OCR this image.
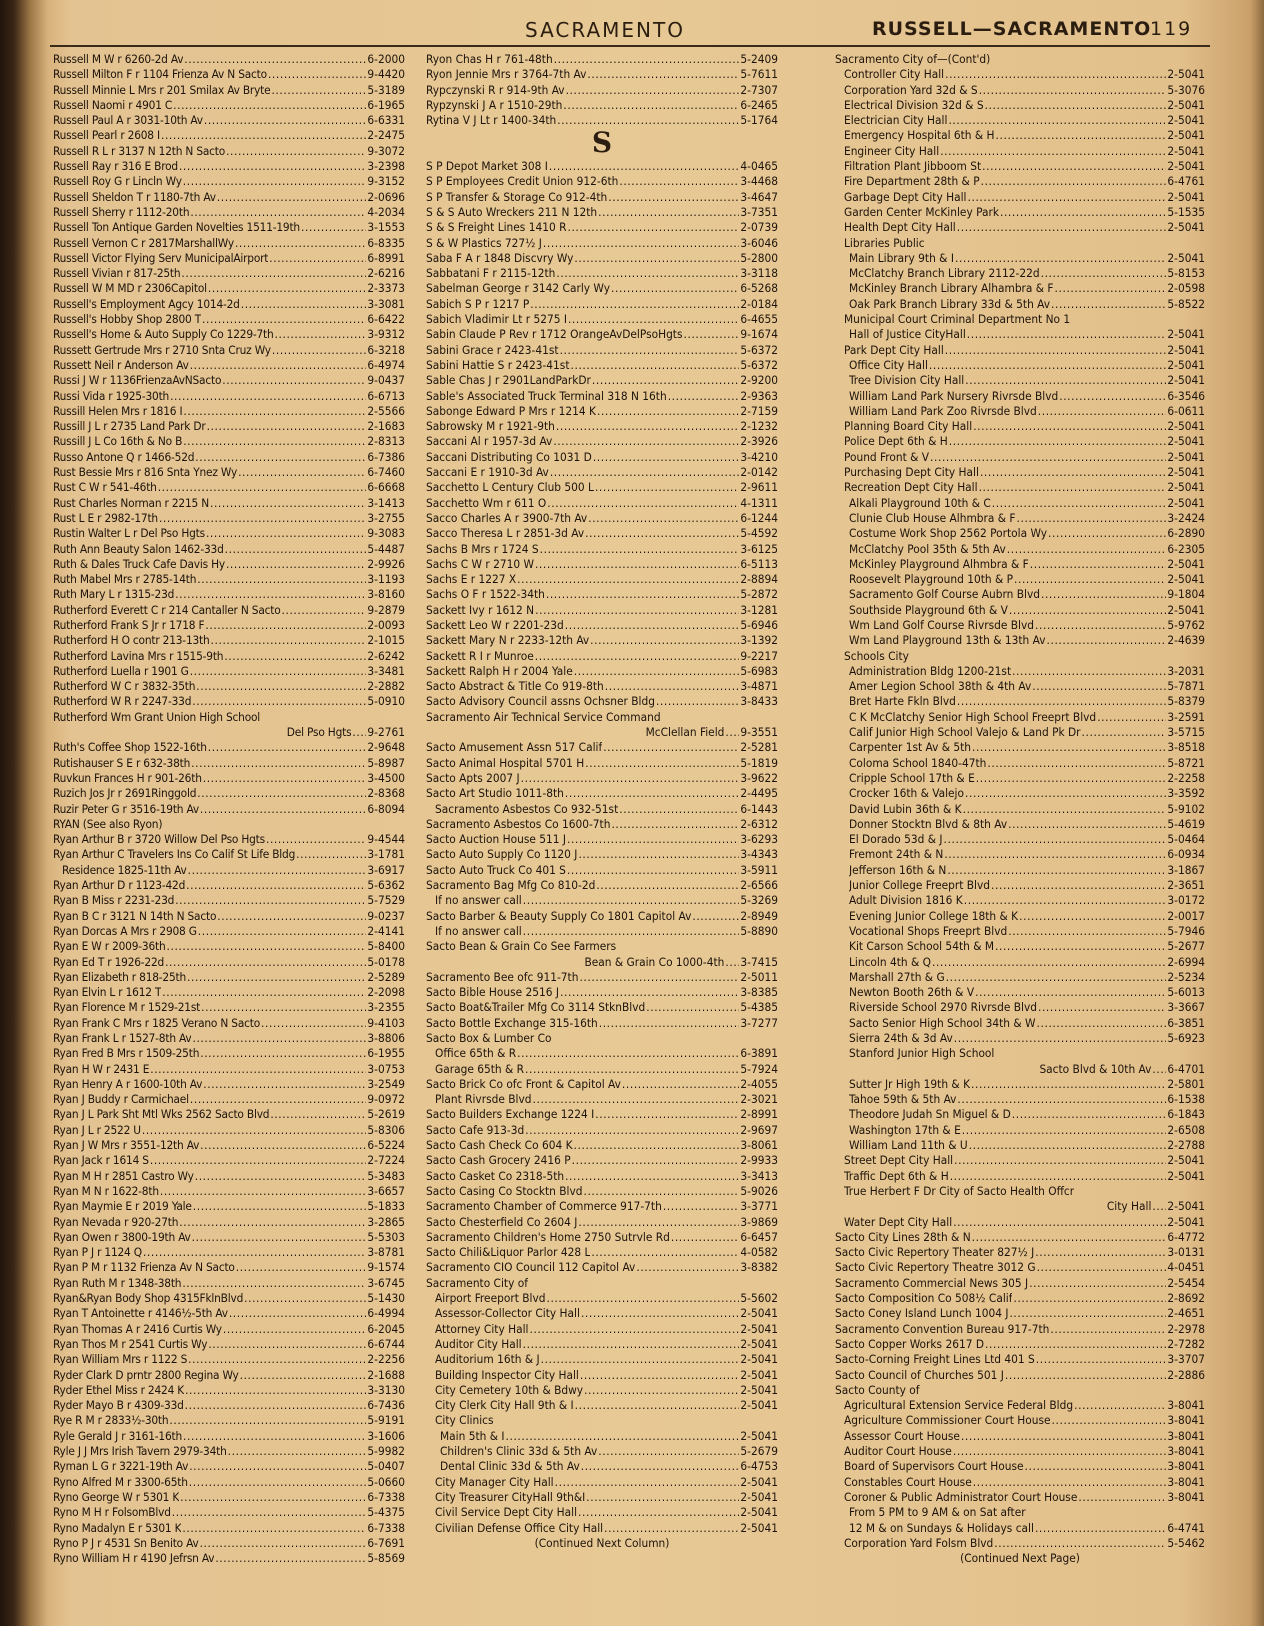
SACRAMENTO	RUSSELL—SACRAMENTO
119
Russell M W r 6260-2d Av .....	6-2000
Russell Milton F r 1104 Frienza Av N Sacto .....	9-4420
Russell Minnie L Mrs r 201 Smilax Av Bryte .....	5-3189
Russell Naomi r 4901 C .....	6-1965
Russell Paul A r 3031-10th Av .....	6-6331
Russell Pearl r 2608 I .....	2-2475
Russell R L r 3137 N 12th N Sacto .....	9-3072
Russell Ray r 316 E Brod .....	3-2398
Russell Roy G r Lincln Wy .....	9-3152
Russell Sheldon T r 1180-7th Av .....	2-0696
Russell Sherry r 1112-20th .....	4-2034
Russell Ton Antique Garden Novelties 1511-19th .....	3-1553
Russell Vernon C r 2817MarshallWy .....	6-8335
Russell Victor Flying Serv MunicipalAirport .....	6-8991
Russell Vivian r 817-25th .....	2-6216
Russell W M MD r 2306Capitol .....	2-3373
Russell's Employment Agcy 1014-2d .....	3-3081
Russell's Hobby Shop 2800 T .....	6-6422
Russell's Home & Auto Supply Co 1229-7th .....	3-9312
Russett Gertrude Mrs r 2710 Snta Cruz Wy .....	6-3218
Russett Neil r Anderson Av .....	6-4974
Russi J W r 1136FrienzaAvNSacto .....	9-0437
Russi Vida r 1925-30th .....	6-6713
Russill Helen Mrs r 1816 I .....	2-5566
Russill J L r 2735 Land Park Dr .....	2-1683
Russill J L Co 16th & No B .....	2-8313
Russo Antone Q r 1466-52d .....	6-7386
Rust Bessie Mrs r 816 Snta Ynez Wy .....	6-7460
Rust C W r 541-46th .....	6-6668
Rust Charles Norman r 2215 N .....	3-1413
Rust L E r 2982-17th .....	3-2755
Rustin Walter L r Del Pso Hgts .....	9-3083
Ruth Ann Beauty Salon 1462-33d .....	5-4487
Ruth & Dales Truck Cafe Davis Hy .....	2-9926
Ruth Mabel Mrs r 2785-14th .....	3-1193
Ruth Mary L r 1315-23d .....	3-8160
Rutherford Everett C r 214 Cantaller N Sacto .....	9-2879
Rutherford Frank S Jr r 1718 F .....	2-0093
Rutherford H O contr 213-13th .....	2-1015
Rutherford Lavina Mrs r 1515-9th .....	2-6242
Rutherford Luella r 1901 G .....	3-3481
Rutherford W C r 3832-35th .....	2-2882
Rutherford W R r 2247-33d .....	5-0910
Rutherford Wm Grant Union High School
Del Pso Hgts ..... 9-2761
Ruth's Coffee Shop 1522-16th .....	2-9648
Rutishauser S E r 632-38th .....	5-8987
Ruvkun Frances H r 901-26th .....	3-4500
Ruzich Jos Jr r 2691Ringgold .....	2-8368
Ruzir Peter G r 3516-19th Av .....	6-8094
RYAN (See also Ryon)
Ryan Arthur B r 3720 Willow Del Pso Hgts .....	9-4544
Ryan Arthur C Travelers Ins Co Calif St Life Bldg .....	3-1781
Residence 1825-11th Av .....	3-6917
Ryan Arthur D r 1123-42d .....	5-6362
Ryan B Miss r 2231-23d .....	5-7529
Ryan B C r 3121 N 14th N Sacto .....	9-0237
Ryan Dorcas A Mrs r 2908 G .....	2-4141
Ryan E W r 2009-36th .....	5-8400
Ryan Ed T r 1926-22d .....	5-0178
Ryan Elizabeth r 818-25th .....	2-5289
Ryan Elvin L r 1612 T .....	2-2098
Ryan Florence M r 1529-21st .....	3-2355
Ryan Frank C Mrs r 1825 Verano N Sacto .....	9-4103
Ryan Frank L r 1527-8th Av .....	3-8806
Ryan Fred B Mrs r 1509-25th .....	6-1955
Ryan H W r 2431 E .....	3-0753
Ryan Henry A r 1600-10th Av .....	3-2549
Ryan J Buddy r Carmichael .....	9-0972
Ryan J L Park Sht Mtl Wks 2562 Sacto Blvd .....	5-2619
Ryan J L r 2522 U .....	5-8306
Ryan J W Mrs r 3551-12th Av .....	6-5224
Ryan Jack r 1614 S .....	2-7224
Ryan M H r 2851 Castro Wy .....	5-3483
Ryan M N r 1622-8th .....	3-6657
Ryan Maymie E r 2019 Yale .....	5-1833
Ryan Nevada r 920-27th .....	3-2865
Ryan Owen r 3800-19th Av .....	5-5303
Ryan P J r 1124 Q .....	3-8781
Ryan P M r 1132 Frienza Av N Sacto .....	9-1574
Ryan Ruth M r 1348-38th .....	3-6745
Ryan&Ryan Body Shop 4315FklnBlvd .....	5-1430
Ryan T Antoinette r 4146½-5th Av .....	6-4994
Ryan Thomas A r 2416 Curtis Wy .....	6-2045
Ryan Thos M r 2541 Curtis Wy .....	6-6744
Ryan William Mrs r 1122 S .....	2-2256
Ryder Clark D prntr 2800 Regina Wy .....	2-1688
Ryder Ethel Miss r 2424 K .....	3-3130
Ryder Mayo B r 4309-33d .....	6-7436
Rye R M r 2833½-30th .....	5-9191
Ryle Gerald J r 3161-16th .....	3-1606
Ryle J J Mrs Irish Tavern 2979-34th .....	5-9982
Ryman L G r 3221-19th Av .....	5-0407
Ryno Alfred M r 3300-65th .....	5-0660
Ryno George W r 5301 K .....	6-7338
Ryno M H r FolsomBlvd .....	5-4375
Ryno Madalyn E r 5301 K .....	6-7338
Ryno P J r 4531 Sn Benito Av .....	6-7691
Ryno William H r 4190 Jefrsn Av .....	5-8569
Ryon Chas H r 761-48th .....	5-2409
Ryon Jennie Mrs r 3764-7th Av .....	5-7611
Rypczynski R r 914-9th Av .....	2-7307
Rypzynski J A r 1510-29th .....	6-2465
Rytina V J Lt r 1400-34th .....	5-1764
S
S P Depot Market 308 I .....	4-0465
S P Employees Credit Union 912-6th .....	3-4468
S P Transfer & Storage Co 912-4th .....	3-4647
S & S Auto Wreckers 211 N 12th .....	3-7351
S & S Freight Lines 1410 R .....	2-0739
S & W Plastics 727½ J .....	3-6046
Saba F A r 1848 Discvry Wy .....	5-2800
Sabbatani F r 2115-12th .....	3-3118
Sabelman George r 3142 Carly Wy .....	6-5268
Sabich S P r 1217 P .....	2-0184
Sabich Vladimir Lt r 5275 I .....	6-4655
Sabin Claude P Rev r 1712 OrangeAvDelPsoHgts .....	9-1674
Sabini Grace r 2423-41st .....	5-6372
Sabini Hattie S r 2423-41st .....	5-6372
Sable Chas J r 2901LandParkDr .....	2-9200
Sable's Associated Truck Terminal 318 N 16th .....	2-9363
Sabonge Edward P Mrs r 1214 K .....	2-7159
Sabrowsky M r 1921-9th .....	2-1232
Saccani Al r 1957-3d Av .....	2-3926
Saccani Distributing Co 1031 D .....	3-4210
Saccani E r 1910-3d Av .....	2-0142
Sacchetto L Century Club 500 L .....	2-9611
Sacchetto Wm r 611 O .....	4-1311
Sacco Charles A r 3900-7th Av .....	6-1244
Sacco Theresa L r 2851-3d Av .....	5-4592
Sachs B Mrs r 1724 S .....	3-6125
Sachs C W r 2710 W .....	6-5113
Sachs E r 1227 X .....	2-8894
Sachs O F r 1522-34th .....	5-2872
Sackett Ivy r 1612 N .....	3-1281
Sackett Leo W r 2201-23d .....	5-6946
Sackett Mary N r 2233-12th Av .....	3-1392
Sackett R I r Munroe .....	9-2217
Sackett Ralph H r 2004 Yale .....	5-6983
Sacto Abstract & Title Co 919-8th .....	3-4871
Sacto Advisory Council assns Ochsner Bldg .....	3-8433
Sacramento Air Technical Service Command
McClellan Field ..... 9-3551
Sacto Amusement Assn 517 Calif .....	2-5281
Sacto Animal Hospital 5701 H .....	5-1819
Sacto Apts 2007 J .....	3-9622
Sacto Art Studio 1011-8th .....	2-4495
Sacramento Asbestos Co 932-51st .....	6-1443
Sacramento Asbestos Co 1600-7th .....	2-6312
Sacto Auction House 511 J .....	3-6293
Sacto Auto Supply Co 1120 J .....	3-4343
Sacto Auto Truck Co 401 S .....	3-5911
Sacramento Bag Mfg Co 810-2d .....	2-6566
If no answer call .....	5-3269
Sacto Barber & Beauty Supply Co 1801 Capitol Av .....	2-8949
If no answer call .....	5-8890
Sacto Bean & Grain Co See Farmers
Bean & Grain Co 1000-4th ..... 3-7415
Sacramento Bee ofc 911-7th .....	2-5011
Sacto Bible House 2516 J .....	3-8385
Sacto Boat&Trailer Mfg Co 3114 StknBlvd .....	5-4385
Sacto Bottle Exchange 315-16th .....	3-7277
Sacto Box & Lumber Co
Office 65th & R .....	6-3891
Garage 65th & R .....	5-7924
Sacto Brick Co ofc Front & Capitol Av .....	2-4055
Plant Rivrsde Blvd .....	2-3021
Sacto Builders Exchange 1224 I .....	2-8991
Sacto Cafe 913-3d .....	2-9697
Sacto Cash Check Co 604 K .....	3-8061
Sacto Cash Grocery 2416 P .....	2-9933
Sacto Casket Co 2318-5th .....	3-3413
Sacto Casing Co Stocktn Blvd .....	5-9026
Sacramento Chamber of Commerce 917-7th .....	3-3771
Sacto Chesterfield Co 2604 J .....	3-9869
Sacramento Children's Home 2750 Sutrvle Rd .....	6-6457
Sacto Chili&Liquor Parlor 428 L .....	4-0582
Sacramento CIO Council 112 Capitol Av .....	3-8382
Sacramento City of
Airport Freeport Blvd .....	5-5602
Assessor-Collector City Hall .....	2-5041
Attorney City Hall .....	2-5041
Auditor City Hall .....	2-5041
Auditorium 16th & J .....	2-5041
Building Inspector City Hall .....	2-5041
City Cemetery 10th & Bdwy .....	2-5041
City Clerk City Hall 9th & I .....	2-5041
City Clinics
Main 5th & I .....	2-5041
Children's Clinic 33d & 5th Av .....	5-2679
Dental Clinic 33d & 5th Av .....	6-4753
City Manager City Hall .....	2-5041
City Treasurer CityHall 9th&I .....	2-5041
Civil Service Dept City Hall .....	2-5041
Civilian Defense Office City Hall .....	2-5041
(Continued Next Column)
Sacramento City of—(Cont'd)
Controller City Hall .....	2-5041
Corporation Yard 32d & S .....	5-3076
Electrical Division 32d & S .....	2-5041
Electrician City Hall .....	2-5041
Emergency Hospital 6th & H .....	2-5041
Engineer City Hall .....	2-5041
Filtration Plant Jibboom St .....	2-5041
Fire Department 28th & P .....	6-4761
Garbage Dept City Hall .....	2-5041
Garden Center McKinley Park .....	5-1535
Health Dept City Hall .....	2-5041
Libraries Public
Main Library 9th & I .....	2-5041
McClatchy Branch Library 2112-22d .....	5-8153
McKinley Branch Library Alhambra & F .....	2-0598
Oak Park Branch Library 33d & 5th Av .....	5-8522
Municipal Court Criminal Department No 1
Hall of Justice CityHall .....	2-5041
Park Dept City Hall .....	2-5041
Office City Hall .....	2-5041
Tree Division City Hall .....	2-5041
William Land Park Nursery Rivrsde Blvd .....	6-3546
William Land Park Zoo Rivrsde Blvd .....	6-0611
Planning Board City Hall .....	2-5041
Police Dept 6th & H .....	2-5041
Pound Front & V .....	2-5041
Purchasing Dept City Hall .....	2-5041
Recreation Dept City Hall .....	2-5041
Alkali Playground 10th & C .....	2-5041
Clunie Club House Alhmbra & F .....	3-2424
Costume Work Shop 2562 Portola Wy .....	6-2890
McClatchy Pool 35th & 5th Av .....	6-2305
McKinley Playground Alhmbra & F .....	2-5041
Roosevelt Playground 10th & P .....	2-5041
Sacramento Golf Course Aubrn Blvd .....	9-1804
Southside Playground 6th & V .....	2-5041
Wm Land Golf Course Rivrsde Blvd .....	5-9762
Wm Land Playground 13th & 13th Av .....	2-4639
Schools City
Administration Bldg 1200-21st .....	3-2031
Amer Legion School 38th & 4th Av .....	5-7871
Bret Harte Fkln Blvd .....	5-8379
C K McClatchy Senior High School Freeprt Blvd .....	3-2591
Calif Junior High School Valejo & Land Pk Dr .....	3-5715
Carpenter 1st Av & 5th .....	3-8518
Coloma School 1840-47th .....	5-8721
Cripple School 17th & E .....	2-2258
Crocker 16th & Valejo .....	3-3592
David Lubin 36th & K .....	5-9102
Donner Stocktn Blvd & 8th Av .....	5-4619
El Dorado 53d & J .....	5-0464
Fremont 24th & N .....	6-0934
Jefferson 16th & N .....	3-1867
Junior College Freeprt Blvd .....	2-3651
Adult Division 1816 K .....	3-0172
Evening Junior College 18th & K .....	2-0017
Vocational Shops Freeprt Blvd .....	5-7946
Kit Carson School 54th & M .....	5-2677
Lincoln 4th & Q .....	2-6994
Marshall 27th & G .....	2-5234
Newton Booth 26th & V .....	5-6013
Riverside School 2970 Rivrsde Blvd .....	3-3667
Sacto Senior High School 34th & W .....	6-3851
Sierra 24th & 3d Av .....	5-6923
Stanford Junior High School
Sacto Blvd & 10th Av ..... 6-4701
Sutter Jr High 19th & K .....	2-5801
Tahoe 59th & 5th Av .....	6-1538
Theodore Judah Sn Miguel & D .....	6-1843
Washington 17th & E .....	2-6508
William Land 11th & U .....	2-2788
Street Dept City Hall .....	2-5041
Traffic Dept 6th & H .....	2-5041
True Herbert F Dr City of Sacto Health Offcr
City Hall ..... 2-5041
Water Dept City Hall .....	2-5041
Sacto City Lines 28th & N .....	6-4772
Sacto Civic Repertory Theater 827½ J .....	3-0131
Sacto Civic Repertory Theatre 3012 G .....	4-0451
Sacramento Commercial News 305 J .....	2-5454
Sacto Composition Co 508½ Calif .....	2-8692
Sacto Coney Island Lunch 1004 J .....	2-4651
Sacramento Convention Bureau 917-7th .....	2-2978
Sacto Copper Works 2617 D .....	2-7282
Sacto-Corning Freight Lines Ltd 401 S .....	3-3707
Sacto Council of Churches 501 J .....	2-2886
Sacto County of
Agricultural Extension Service Federal Bldg .....	3-8041
Agriculture Commissioner Court House .....	3-8041
Assessor Court House .....	3-8041
Auditor Court House .....	3-8041
Board of Supervisors Court House .....	3-8041
Constables Court House .....	3-8041
Coroner & Public Administrator Court House .....	3-8041
From 5 PM to 9 AM & on Sat after
12 M & on Sundays & Holidays call .....	6-4741
Corporation Yard Folsm Blvd .....	5-5462
(Continued Next Page)
